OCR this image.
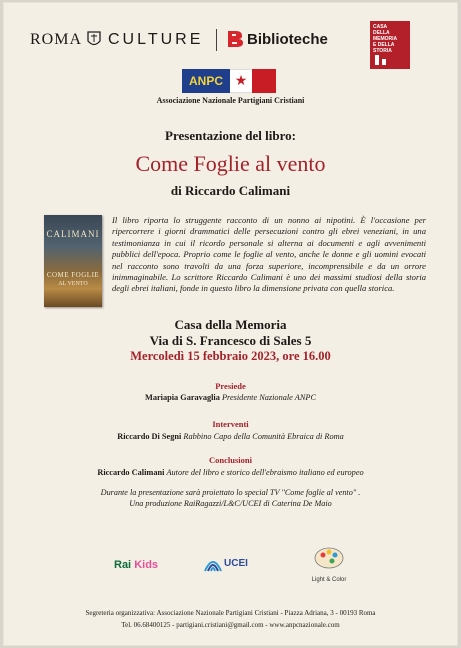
ROMA CULTURE	Biblioteche
CASA
DELLA
MEMORIA
E DELLA
STORIA
ANPC ★
Associazione Nazionale Partigiani Cristiani
Presentazione del libro:
Come Foglie al vento
di Riccardo Calimani
CALIMANI
COME FOGLIE
AL VENTO
Il libro riporta lo struggente racconto di un nonno ai nipotini. È l'occasione per ripercorrere i giorni drammatici delle persecuzioni contro gli ebrei veneziani, in una testimonianza in cui il ricordo personale si alterna ai documenti e agli avvenimenti pubblici dell'epoca. Proprio come le foglie al vento, anche le donne e gli uomini evocati nel racconto sono travolti da una forza superiore, incomprensibile e da un orrore inimmaginabile. Lo scrittore Riccardo Calimani è uno dei massimi studiosi della storia degli ebrei italiani, fonde in questo libro la dimensione privata con quella storica.
Casa della Memoria
Via di S. Francesco di Sales 5
Mercoledì 15 febbraio 2023, ore 16.00
Presiede
Mariapia Garavaglia Presidente Nazionale ANPC
Interventi
Riccardo Di Segni Rabbino Capo della Comunità Ebraica di Roma
Conclusioni
Riccardo Calimani Autore del libro e storico dell'ebraismo italiano ed europeo
Durante la presentazione sarà proiettato lo special TV "Come foglie al vento" .
Una produzione RaiRagazzi/L&C/UCEI di Caterina De Maio
Rai Kids	UCEI
Light & Color
Segreteria organizzativa: Associazione Nazionale Partigiani Cristiani - Piazza Adriana, 3 - 00193 Roma
Tel. 06.68400125 - partigiani.cristiani@gmail.com - www.anpcnazionale.com
